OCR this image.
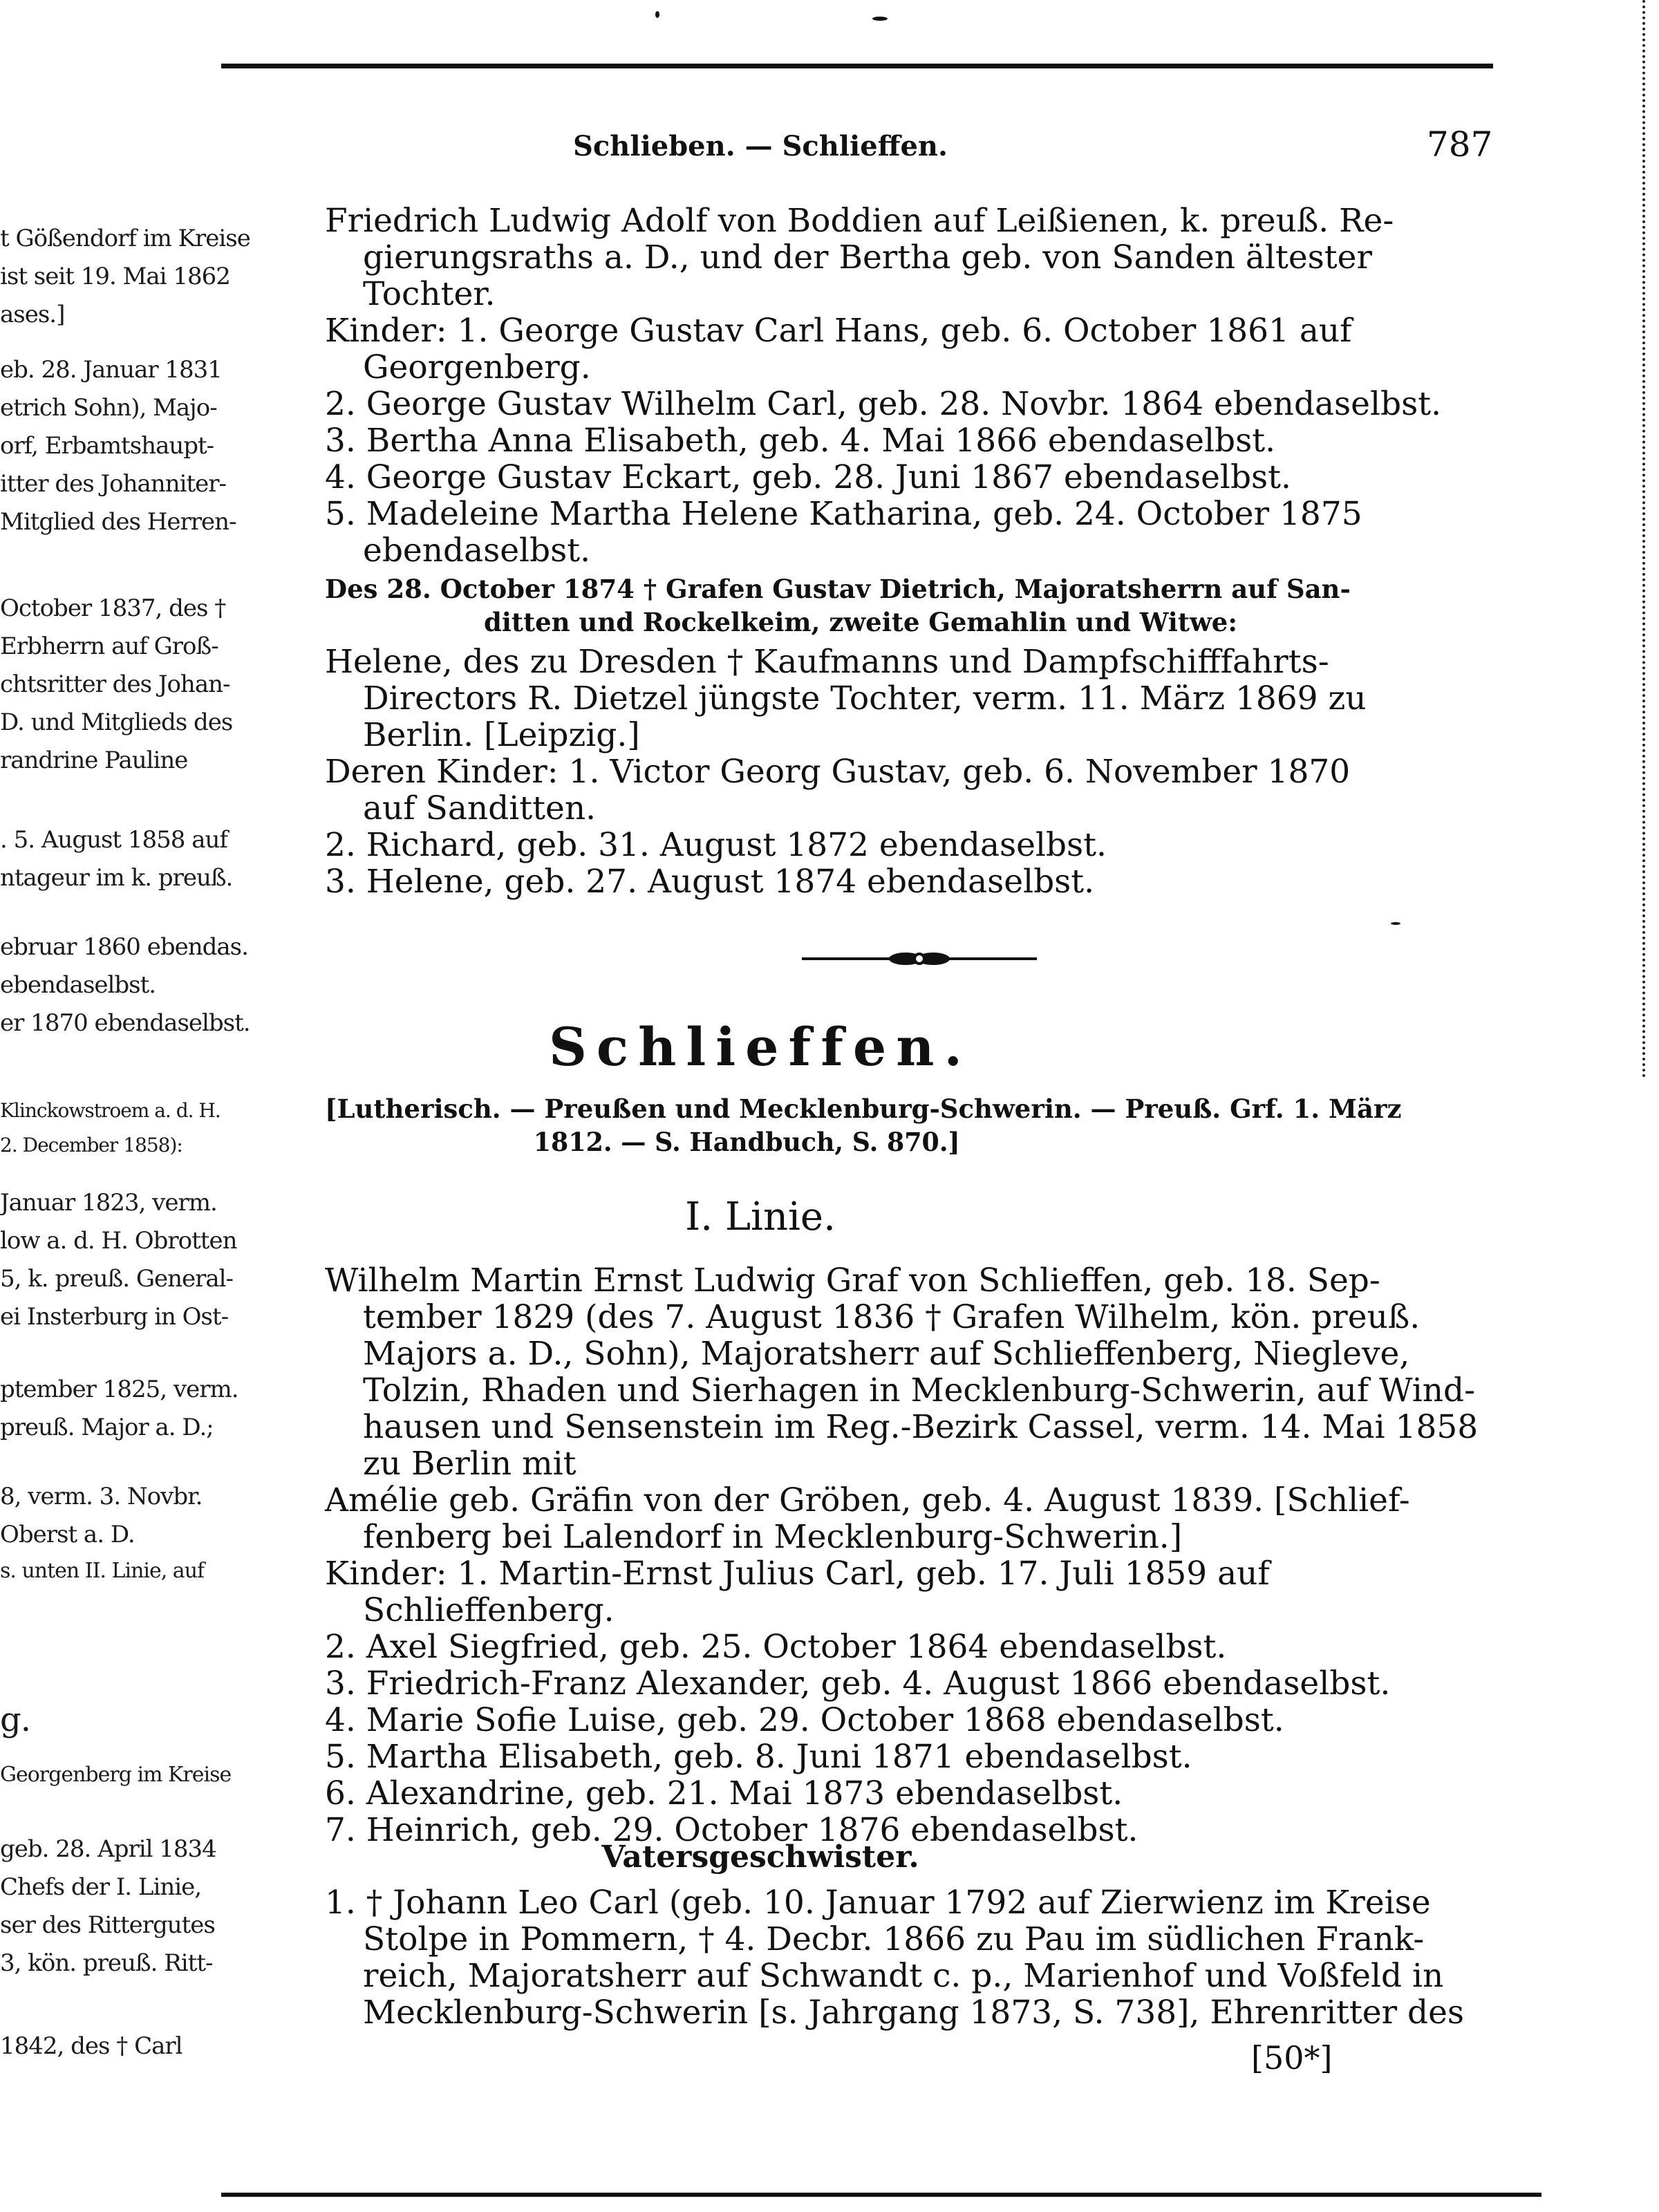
t Gößendorf im Kreise
ist seit 19. Mai 1862
ases.]
eb. 28. Januar 1831
etrich Sohn), Majo-
orf, Erbamtshaupt-
itter des Johanniter-
Mitglied des Herren-
October 1837, des †
Erbherrn auf Groß-
chtsritter des Johan-
D. und Mitglieds des
randrine Pauline
. 5. August 1858 auf
ntageur im k. preuß.
ebruar 1860 ebendas.
ebendaselbst.
er 1870 ebendaselbst.
Klinckowstroem a. d. H.
2. December 1858):
Januar 1823, verm.
low a. d. H. Obrotten
5, k. preuß. General-
ei Insterburg in Ost-
ptember 1825, verm.
preuß. Major a. D.;
8, verm. 3. Novbr.
Oberst a. D.
s. unten II. Linie, auf
g.
Georgenberg im Kreise
geb. 28. April 1834
Chefs der I. Linie,
ser des Rittergutes
3, kön. preuß. Ritt-
1842, des † Carl
Schlieben. — Schlieffen.	787
Friedrich Ludwig Adolf von Boddien auf Leißienen, k. preuß. Re-
gierungsraths a. D., und der Bertha geb. von Sanden ältester
Tochter.
Kinder: 1. George Gustav Carl Hans, geb. 6. October 1861 auf
Georgenberg.
2. George Gustav Wilhelm Carl, geb. 28. Novbr. 1864 ebendaselbst.
3. Bertha Anna Elisabeth, geb. 4. Mai 1866 ebendaselbst.
4. George Gustav Eckart, geb. 28. Juni 1867 ebendaselbst.
5. Madeleine Martha Helene Katharina, geb. 24. October 1875
ebendaselbst.
Des 28. October 1874 † Grafen Gustav Dietrich, Majoratsherrn auf San-
ditten und Rockelkeim, zweite Gemahlin und Witwe:
Helene, des zu Dresden † Kaufmanns und Dampfschifffahrts-
Directors R. Dietzel jüngste Tochter, verm. 11. März 1869 zu
Berlin. [Leipzig.]
Deren Kinder: 1. Victor Georg Gustav, geb. 6. November 1870
auf Sanditten.
2. Richard, geb. 31. August 1872 ebendaselbst.
3. Helene, geb. 27. August 1874 ebendaselbst.
Schlieffen.
[Lutherisch. — Preußen und Mecklenburg-Schwerin. — Preuß. Grf. 1. März
1812. — S. Handbuch, S. 870.]
I. Linie.
Wilhelm Martin Ernst Ludwig Graf von Schlieffen, geb. 18. Sep-
tember 1829 (des 7. August 1836 † Grafen Wilhelm, kön. preuß.
Majors a. D., Sohn), Majoratsherr auf Schlieffenberg, Niegleve,
Tolzin, Rhaden und Sierhagen in Mecklenburg-Schwerin, auf Wind-
hausen und Sensenstein im Reg.-Bezirk Cassel, verm. 14. Mai 1858
zu Berlin mit
Amélie geb. Gräfin von der Gröben, geb. 4. August 1839. [Schlief-
fenberg bei Lalendorf in Mecklenburg-Schwerin.]
Kinder: 1. Martin-Ernst Julius Carl, geb. 17. Juli 1859 auf
Schlieffenberg.
2. Axel Siegfried, geb. 25. October 1864 ebendaselbst.
3. Friedrich-Franz Alexander, geb. 4. August 1866 ebendaselbst.
4. Marie Sofie Luise, geb. 29. October 1868 ebendaselbst.
5. Martha Elisabeth, geb. 8. Juni 1871 ebendaselbst.
6. Alexandrine, geb. 21. Mai 1873 ebendaselbst.
7. Heinrich, geb. 29. October 1876 ebendaselbst.
Vatersgeschwister.
1. † Johann Leo Carl (geb. 10. Januar 1792 auf Zierwienz im Kreise
Stolpe in Pommern, † 4. Decbr. 1866 zu Pau im südlichen Frank-
reich, Majoratsherr auf Schwandt c. p., Marienhof und Voßfeld in
Mecklenburg-Schwerin [s. Jahrgang 1873, S. 738], Ehrenritter des
[50*]
